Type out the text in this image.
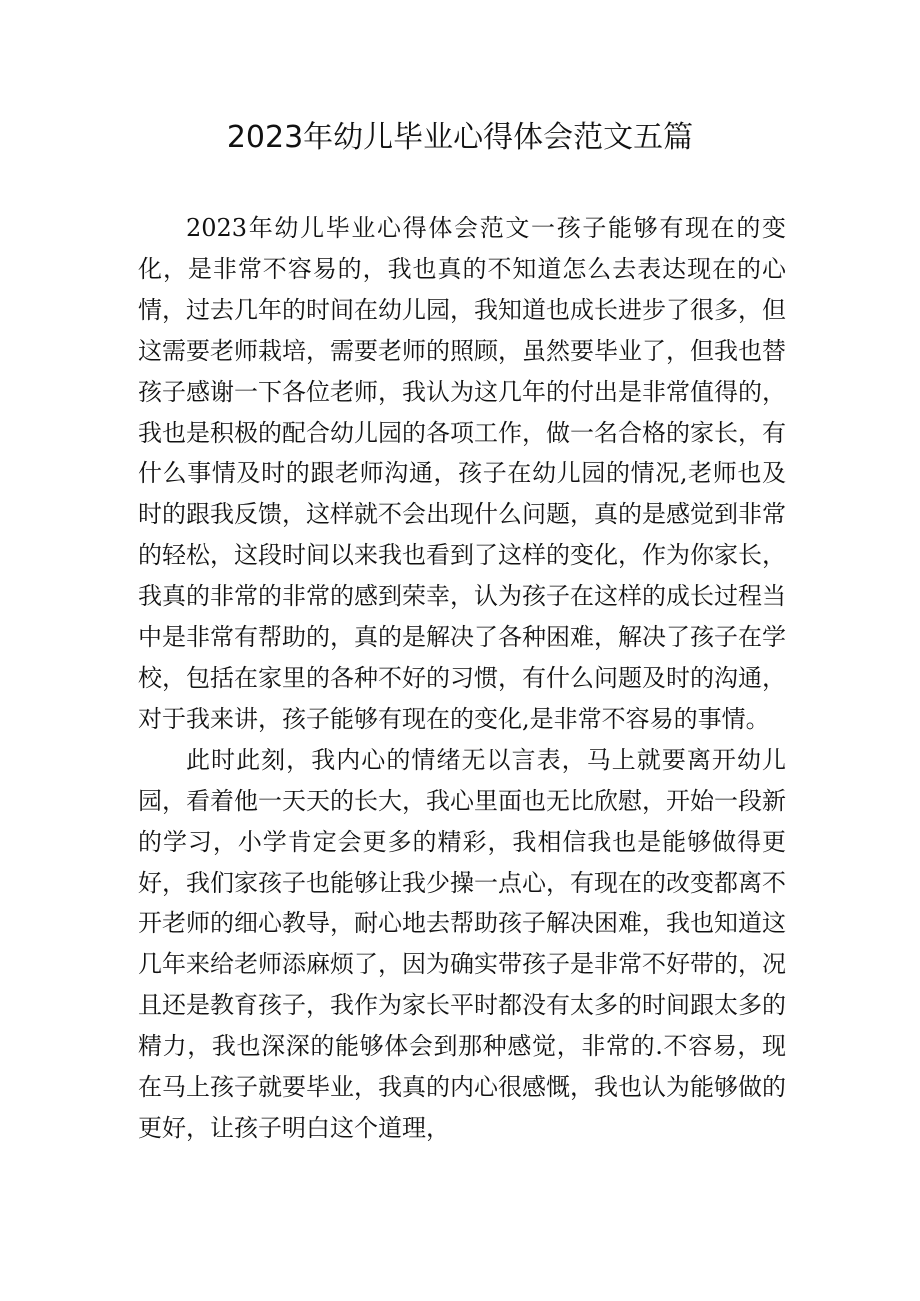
2023年幼儿毕业心得体会范文五篇

2023年幼儿毕业心得体会范文一孩子能够有现在的变化，是非常不容易的，我也真的不知道怎么去表达现在的心情，过去几年的时间在幼儿园，我知道也成长进步了很多，但这需要老师栽培，需要老师的照顾，虽然要毕业了，但我也替孩子感谢一下各位老师，我认为这几年的付出是非常值得的，我也是积极的配合幼儿园的各项工作，做一名合格的家长，有什么事情及时的跟老师沟通，孩子在幼儿园的情况,老师也及时的跟我反馈，这样就不会出现什么问题，真的是感觉到非常的轻松，这段时间以来我也看到了这样的变化，作为你家长，我真的非常的非常的感到荣幸，认为孩子在这样的成长过程当中是非常有帮助的，真的是解决了各种困难，解决了孩子在学校，包括在家里的各种不好的习惯，有什么问题及时的沟通，对于我来讲，孩子能够有现在的变化,是非常不容易的事情。

此时此刻，我内心的情绪无以言表，马上就要离开幼儿园，看着他一天天的长大，我心里面也无比欣慰，开始一段新的学习，小学肯定会更多的精彩，我相信我也是能够做得更好，我们家孩子也能够让我少操一点心，有现在的改变都离不开老师的细心教导，耐心地去帮助孩子解决困难，我也知道这几年来给老师添麻烦了，因为确实带孩子是非常不好带的，况且还是教育孩子，我作为家长平时都没有太多的时间跟太多的精力，我也深深的能够体会到那种感觉，非常的.不容易，现在马上孩子就要毕业，我真的内心很感慨，我也认为能够做的更好，让孩子明白这个道理，
